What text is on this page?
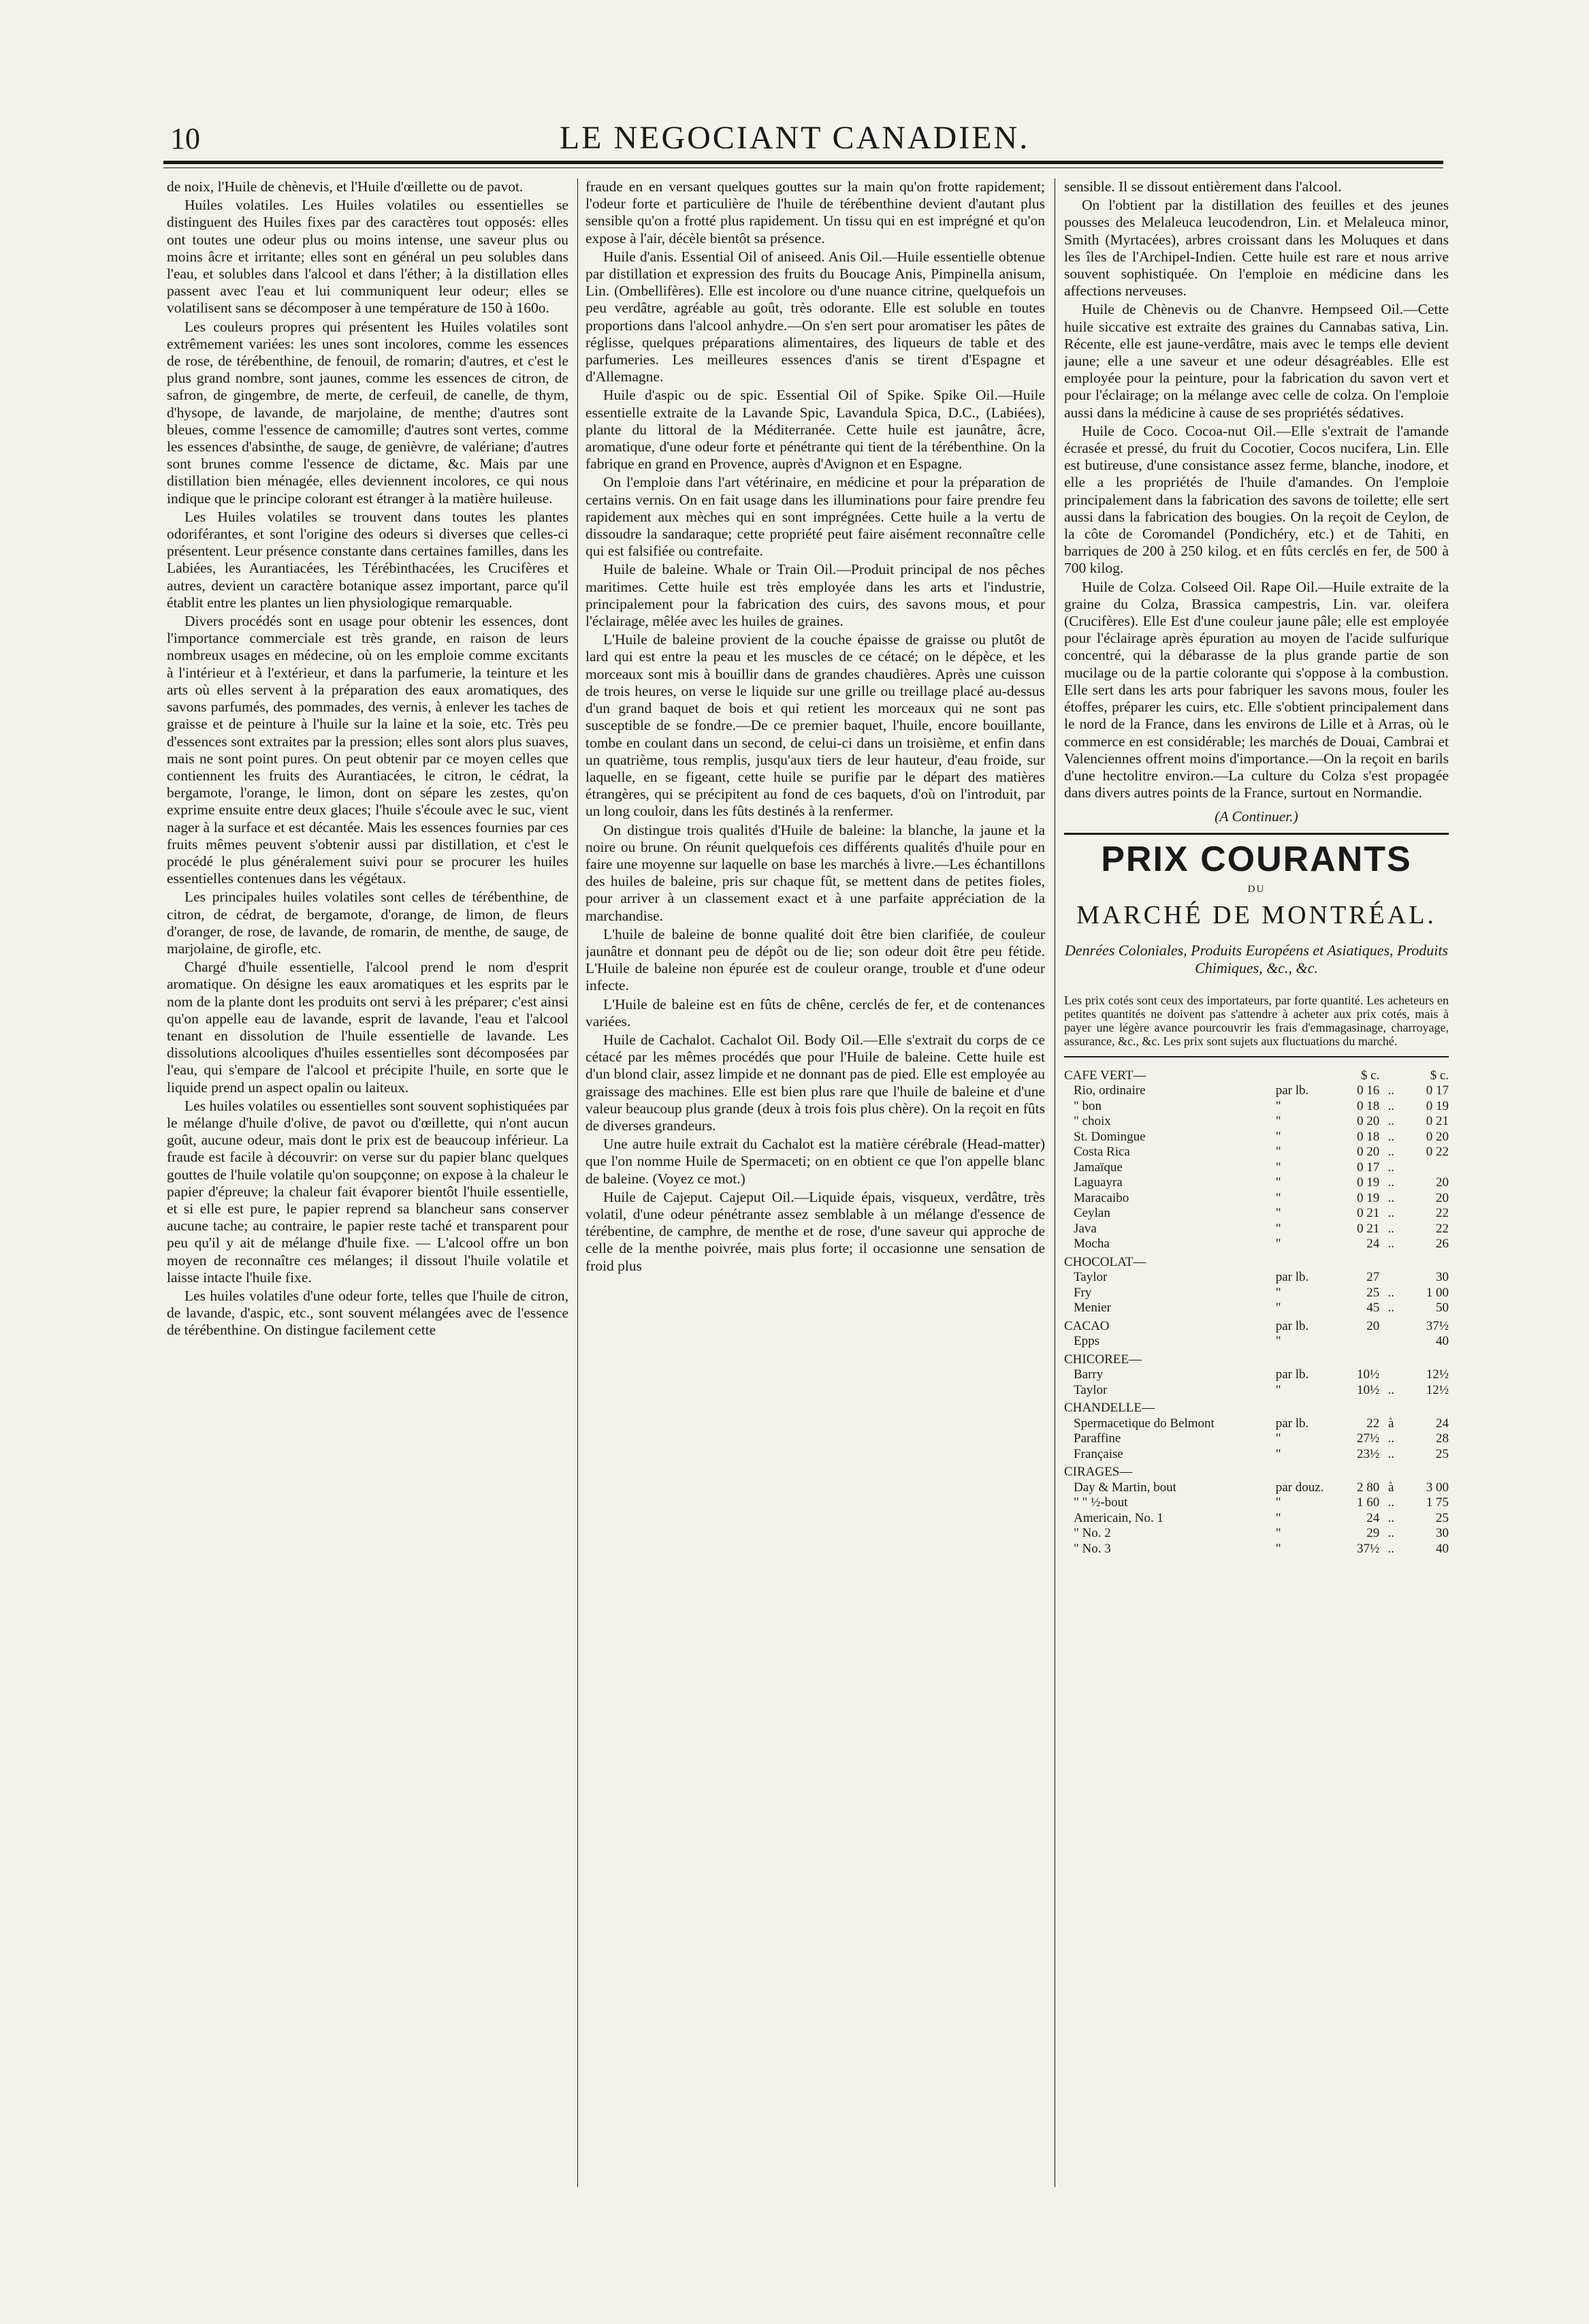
10	LE NEGOCIANT CANADIEN.

de noix, l'Huile de chènevis, et l'Huile d'œillette ou de pavot.

Huiles volatiles. Les Huiles volatiles ou essentielles se distinguent des Huiles fixes par des caractères tout opposés: elles ont toutes une odeur plus ou moins intense, une saveur plus ou moins âcre et irritante; elles sont en général un peu solubles dans l'eau, et solubles dans l'alcool et dans l'éther; à la distillation elles passent avec l'eau et lui communiquent leur odeur; elles se volatilisent sans se décomposer à une température de 150 à 160o.

Les couleurs propres qui présentent les Huiles volatiles sont extrêmement variées: les unes sont incolores, comme les essences de rose, de térébenthine, de fenouil, de romarin; d'autres, et c'est le plus grand nombre, sont jaunes, comme les essences de citron, de safron, de gingembre, de merte, de cerfeuil, de canelle, de thym, d'hysope, de lavande, de marjolaine, de menthe; d'autres sont bleues, comme l'essence de camomille; d'autres sont vertes, comme les essences d'absinthe, de sauge, de genièvre, de valériane; d'autres sont brunes comme l'essence de dictame, &c. Mais par une distillation bien ménagée, elles deviennent incolores, ce qui nous indique que le principe colorant est étranger à la matière huileuse.

Les Huiles volatiles se trouvent dans toutes les plantes odoriférantes, et sont l'origine des odeurs si diverses que celles-ci présentent. Leur présence constante dans certaines familles, dans les Labiées, les Aurantiacées, les Térébinthacées, les Crucifères et autres, devient un caractère botanique assez important, parce qu'il établit entre les plantes un lien physiologique remarquable.

Divers procédés sont en usage pour obtenir les essences, dont l'importance commerciale est très grande, en raison de leurs nombreux usages en médecine, où on les emploie comme excitants à l'intérieur et à l'extérieur, et dans la parfumerie, la teinture et les arts où elles servent à la préparation des eaux aromatiques, des savons parfumés, des pommades, des vernis, à enlever les taches de graisse et de peinture à l'huile sur la laine et la soie, etc. Très peu d'essences sont extraites par la pression; elles sont alors plus suaves, mais ne sont point pures. On peut obtenir par ce moyen celles que contiennent les fruits des Aurantiacées, le citron, le cédrat, la bergamote, l'orange, le limon, dont on sépare les zestes, qu'on exprime ensuite entre deux glaces; l'huile s'écoule avec le suc, vient nager à la surface et est décantée. Mais les essences fournies par ces fruits mêmes peuvent s'obtenir aussi par distillation, et c'est le procédé le plus généralement suivi pour se procurer les huiles essentielles contenues dans les végétaux.

Les principales huiles volatiles sont celles de térébenthine, de citron, de cédrat, de bergamote, d'orange, de limon, de fleurs d'oranger, de rose, de lavande, de romarin, de menthe, de sauge, de marjolaine, de girofle, etc.

Chargé d'huile essentielle, l'alcool prend le nom d'esprit aromatique. On désigne les eaux aromatiques et les esprits par le nom de la plante dont les produits ont servi à les préparer; c'est ainsi qu'on appelle eau de lavande, esprit de lavande, l'eau et l'alcool tenant en dissolution de l'huile essentielle de lavande. Les dissolutions alcooliques d'huiles essentielles sont décomposées par l'eau, qui s'empare de l'alcool et précipite l'huile, en sorte que le liquide prend un aspect opalin ou laiteux.

Les huiles volatiles ou essentielles sont souvent sophistiquées par le mélange d'huile d'olive, de pavot ou d'œillette, qui n'ont aucun goût, aucune odeur, mais dont le prix est de beaucoup inférieur. La fraude est facile à découvrir: on verse sur du papier blanc quelques gouttes de l'huile volatile qu'on soupçonne; on expose à la chaleur le papier d'épreuve; la chaleur fait évaporer bientôt l'huile essentielle, et si elle est pure, le papier reprend sa blancheur sans conserver aucune tache; au contraire, le papier reste taché et transparent pour peu qu'il y ait de mélange d'huile fixe. — L'alcool offre un bon moyen de reconnaître ces mélanges; il dissout l'huile volatile et laisse intacte l'huile fixe.

Les huiles volatiles d'une odeur forte, telles que l'huile de citron, de lavande, d'aspic, etc., sont souvent mélangées avec de l'essence de térébenthine. On distingue facilement cette

fraude en en versant quelques gouttes sur la main qu'on frotte rapidement; l'odeur forte et particulière de l'huile de térébenthine devient d'autant plus sensible qu'on a frotté plus rapidement. Un tissu qui en est imprégné et qu'on expose à l'air, décèle bientôt sa présence.

Huile d'anis. Essential Oil of aniseed. Anis Oil.—Huile essentielle obtenue par distillation et expression des fruits du Boucage Anis, Pimpinella anisum, Lin. (Ombellifères). Elle est incolore ou d'une nuance citrine, quelquefois un peu verdâtre, agréable au goût, très odorante. Elle est soluble en toutes proportions dans l'alcool anhydre.—On s'en sert pour aromatiser les pâtes de réglisse, quelques préparations alimentaires, des liqueurs de table et des parfumeries. Les meilleures essences d'anis se tirent d'Espagne et d'Allemagne.

Huile d'aspic ou de spic. Essential Oil of Spike. Spike Oil.—Huile essentielle extraite de la Lavande Spic, Lavandula Spica, D.C., (Labiées), plante du littoral de la Méditerranée. Cette huile est jaunâtre, âcre, aromatique, d'une odeur forte et pénétrante qui tient de la térébenthine. On la fabrique en grand en Provence, auprès d'Avignon et en Espagne.

On l'emploie dans l'art vétérinaire, en médicine et pour la préparation de certains vernis. On en fait usage dans les illuminations pour faire prendre feu rapidement aux mèches qui en sont imprégnées. Cette huile a la vertu de dissoudre la sandaraque; cette propriété peut faire aisément reconnaître celle qui est falsifiée ou contrefaite.

Huile de baleine. Whale or Train Oil.—Produit principal de nos pêches maritimes. Cette huile est très employée dans les arts et l'industrie, principalement pour la fabrication des cuirs, des savons mous, et pour l'éclairage, mêlée avec les huiles de graines.

L'Huile de baleine provient de la couche épaisse de graisse ou plutôt de lard qui est entre la peau et les muscles de ce cétacé; on le dépèce, et les morceaux sont mis à bouillir dans de grandes chaudières. Après une cuisson de trois heures, on verse le liquide sur une grille ou treillage placé au-dessus d'un grand baquet de bois et qui retient les morceaux qui ne sont pas susceptible de se fondre.—De ce premier baquet, l'huile, encore bouillante, tombe en coulant dans un second, de celui-ci dans un troisième, et enfin dans un quatrième, tous remplis, jusqu'aux tiers de leur hauteur, d'eau froide, sur laquelle, en se figeant, cette huile se purifie par le départ des matières étrangères, qui se précipitent au fond de ces baquets, d'où on l'introduit, par un long couloir, dans les fûts destinés à la renfermer.

On distingue trois qualités d'Huile de baleine: la blanche, la jaune et la noire ou brune. On réunit quelquefois ces différents qualités d'huile pour en faire une moyenne sur laquelle on base les marchés à livre.—Les échantillons des huiles de baleine, pris sur chaque fût, se mettent dans de petites fioles, pour arriver à un classement exact et à une parfaite appréciation de la marchandise.

L'huile de baleine de bonne qualité doit être bien clarifiée, de couleur jaunâtre et donnant peu de dépôt ou de lie; son odeur doit être peu fétide. L'Huile de baleine non épurée est de couleur orange, trouble et d'une odeur infecte.

L'Huile de baleine est en fûts de chêne, cerclés de fer, et de contenances variées.

Huile de Cachalot. Cachalot Oil. Body Oil.—Elle s'extrait du corps de ce cétacé par les mêmes procédés que pour l'Huile de baleine. Cette huile est d'un blond clair, assez limpide et ne donnant pas de pied. Elle est employée au graissage des machines. Elle est bien plus rare que l'huile de baleine et d'une valeur beaucoup plus grande (deux à trois fois plus chère). On la reçoit en fûts de diverses grandeurs.

Une autre huile extrait du Cachalot est la matière cérébrale (Head-matter) que l'on nomme Huile de Spermaceti; on en obtient ce que l'on appelle blanc de baleine. (Voyez ce mot.)

Huile de Cajeput. Cajeput Oil.—Liquide épais, visqueux, verdâtre, très volatil, d'une odeur pénétrante assez semblable à un mélange d'essence de térébentine, de camphre, de menthe et de rose, d'une saveur qui approche de celle de la menthe poivrée, mais plus forte; il occasionne une sensation de froid plus

sensible. Il se dissout entièrement dans l'alcool.

On l'obtient par la distillation des feuilles et des jeunes pousses des Melaleuca leucodendron, Lin. et Melaleuca minor, Smith (Myrtacées), arbres croissant dans les Moluques et dans les îles de l'Archipel-Indien. Cette huile est rare et nous arrive souvent sophistiquée. On l'emploie en médicine dans les affections nerveuses.

Huile de Chènevis ou de Chanvre. Hempseed Oil.—Cette huile siccative est extraite des graines du Cannabas sativa, Lin. Récente, elle est jaune-verdâtre, mais avec le temps elle devient jaune; elle a une saveur et une odeur désagréables. Elle est employée pour la peinture, pour la fabrication du savon vert et pour l'éclairage; on la mélange avec celle de colza. On l'emploie aussi dans la médicine à cause de ses propriétés sédatives.

Huile de Coco. Cocoa-nut Oil.—Elle s'extrait de l'amande écrasée et pressé, du fruit du Cocotier, Cocos nucifera, Lin. Elle est butireuse, d'une consistance assez ferme, blanche, inodore, et elle a les propriétés de l'huile d'amandes. On l'emploie principalement dans la fabrication des savons de toilette; elle sert aussi dans la fabrication des bougies. On la reçoit de Ceylon, de la côte de Coromandel (Pondichéry, etc.) et de Tahiti, en barriques de 200 à 250 kilog. et en fûts cerclés en fer, de 500 à 700 kilog.

Huile de Colza. Colseed Oil. Rape Oil.—Huile extraite de la graine du Colza, Brassica campestris, Lin. var. oleifera (Crucifères). Elle Est d'une couleur jaune pâle; elle est employée pour l'éclairage après épuration au moyen de l'acide sulfurique concentré, qui la débarasse de la plus grande partie de son mucilage ou de la partie colorante qui s'oppose à la combustion. Elle sert dans les arts pour fabriquer les savons mous, fouler les étoffes, préparer les cuirs, etc. Elle s'obtient principalement dans le nord de la France, dans les environs de Lille et à Arras, où le commerce en est considérable; les marchés de Douai, Cambrai et Valenciennes offrent moins d'importance.—On la reçoit en barils d'une hectolitre environ.—La culture du Colza s'est propagée dans divers autres points de la France, surtout en Normandie.

(A Continuer.)
PRIX COURANTS
DU
MARCHÉ DE MONTRÉAL.
Denrées Coloniales, Produits Européens et Asiatiques, Produits Chimiques, &c., &c.
Les prix cotés sont ceux des importateurs, par forte quantité. Les acheteurs en petites quantités ne doivent pas s'attendre à acheter aux prix cotés, mais à payer une légère avance pourcouvrir les frais d'emmagasinage, charroyage, assurance, &c., &c. Les prix sont sujets aux fluctuations du marché.
CAFE VERT—		$ c.		$ c.
Rio, ordinaire	par lb.	0 16	..	0 17
" bon	"	0 18	..	0 19
" choix	"	0 20	..	0 21
St. Domingue	"	0 18	..	0 20
Costa Rica	"	0 20	..	0 22
Jamaïque	"	0 17	..	
Laguayra	"	0 19	..	20
Maracaibo	"	0 19	..	20
Ceylan	"	0 21	..	22
Java	"	0 21	..	22
Mocha	"	24	..	26
CHOCOLAT—				
Taylor	par lb.	27		30
Fry	"	25	..	1 00
Menier	"	45	..	50
CACAO	par lb.	20		37½
Epps	"			40
CHICOREE—				
Barry	par lb.	10½		12½
Taylor	"	10½	..	12½
CHANDELLE—				
Spermacetique do Belmont	par lb.	22	à	24
Paraffine	"	27½	..	28
Française	"	23½	..	25
CIRAGES—				
Day & Martin, bout	par douz.	2 80	à	3 00
" " ½-bout	"	1 60	..	1 75
Americain, No. 1	"	24	..	25
" No. 2	"	29	..	30
" No. 3	"	37½	..	40
